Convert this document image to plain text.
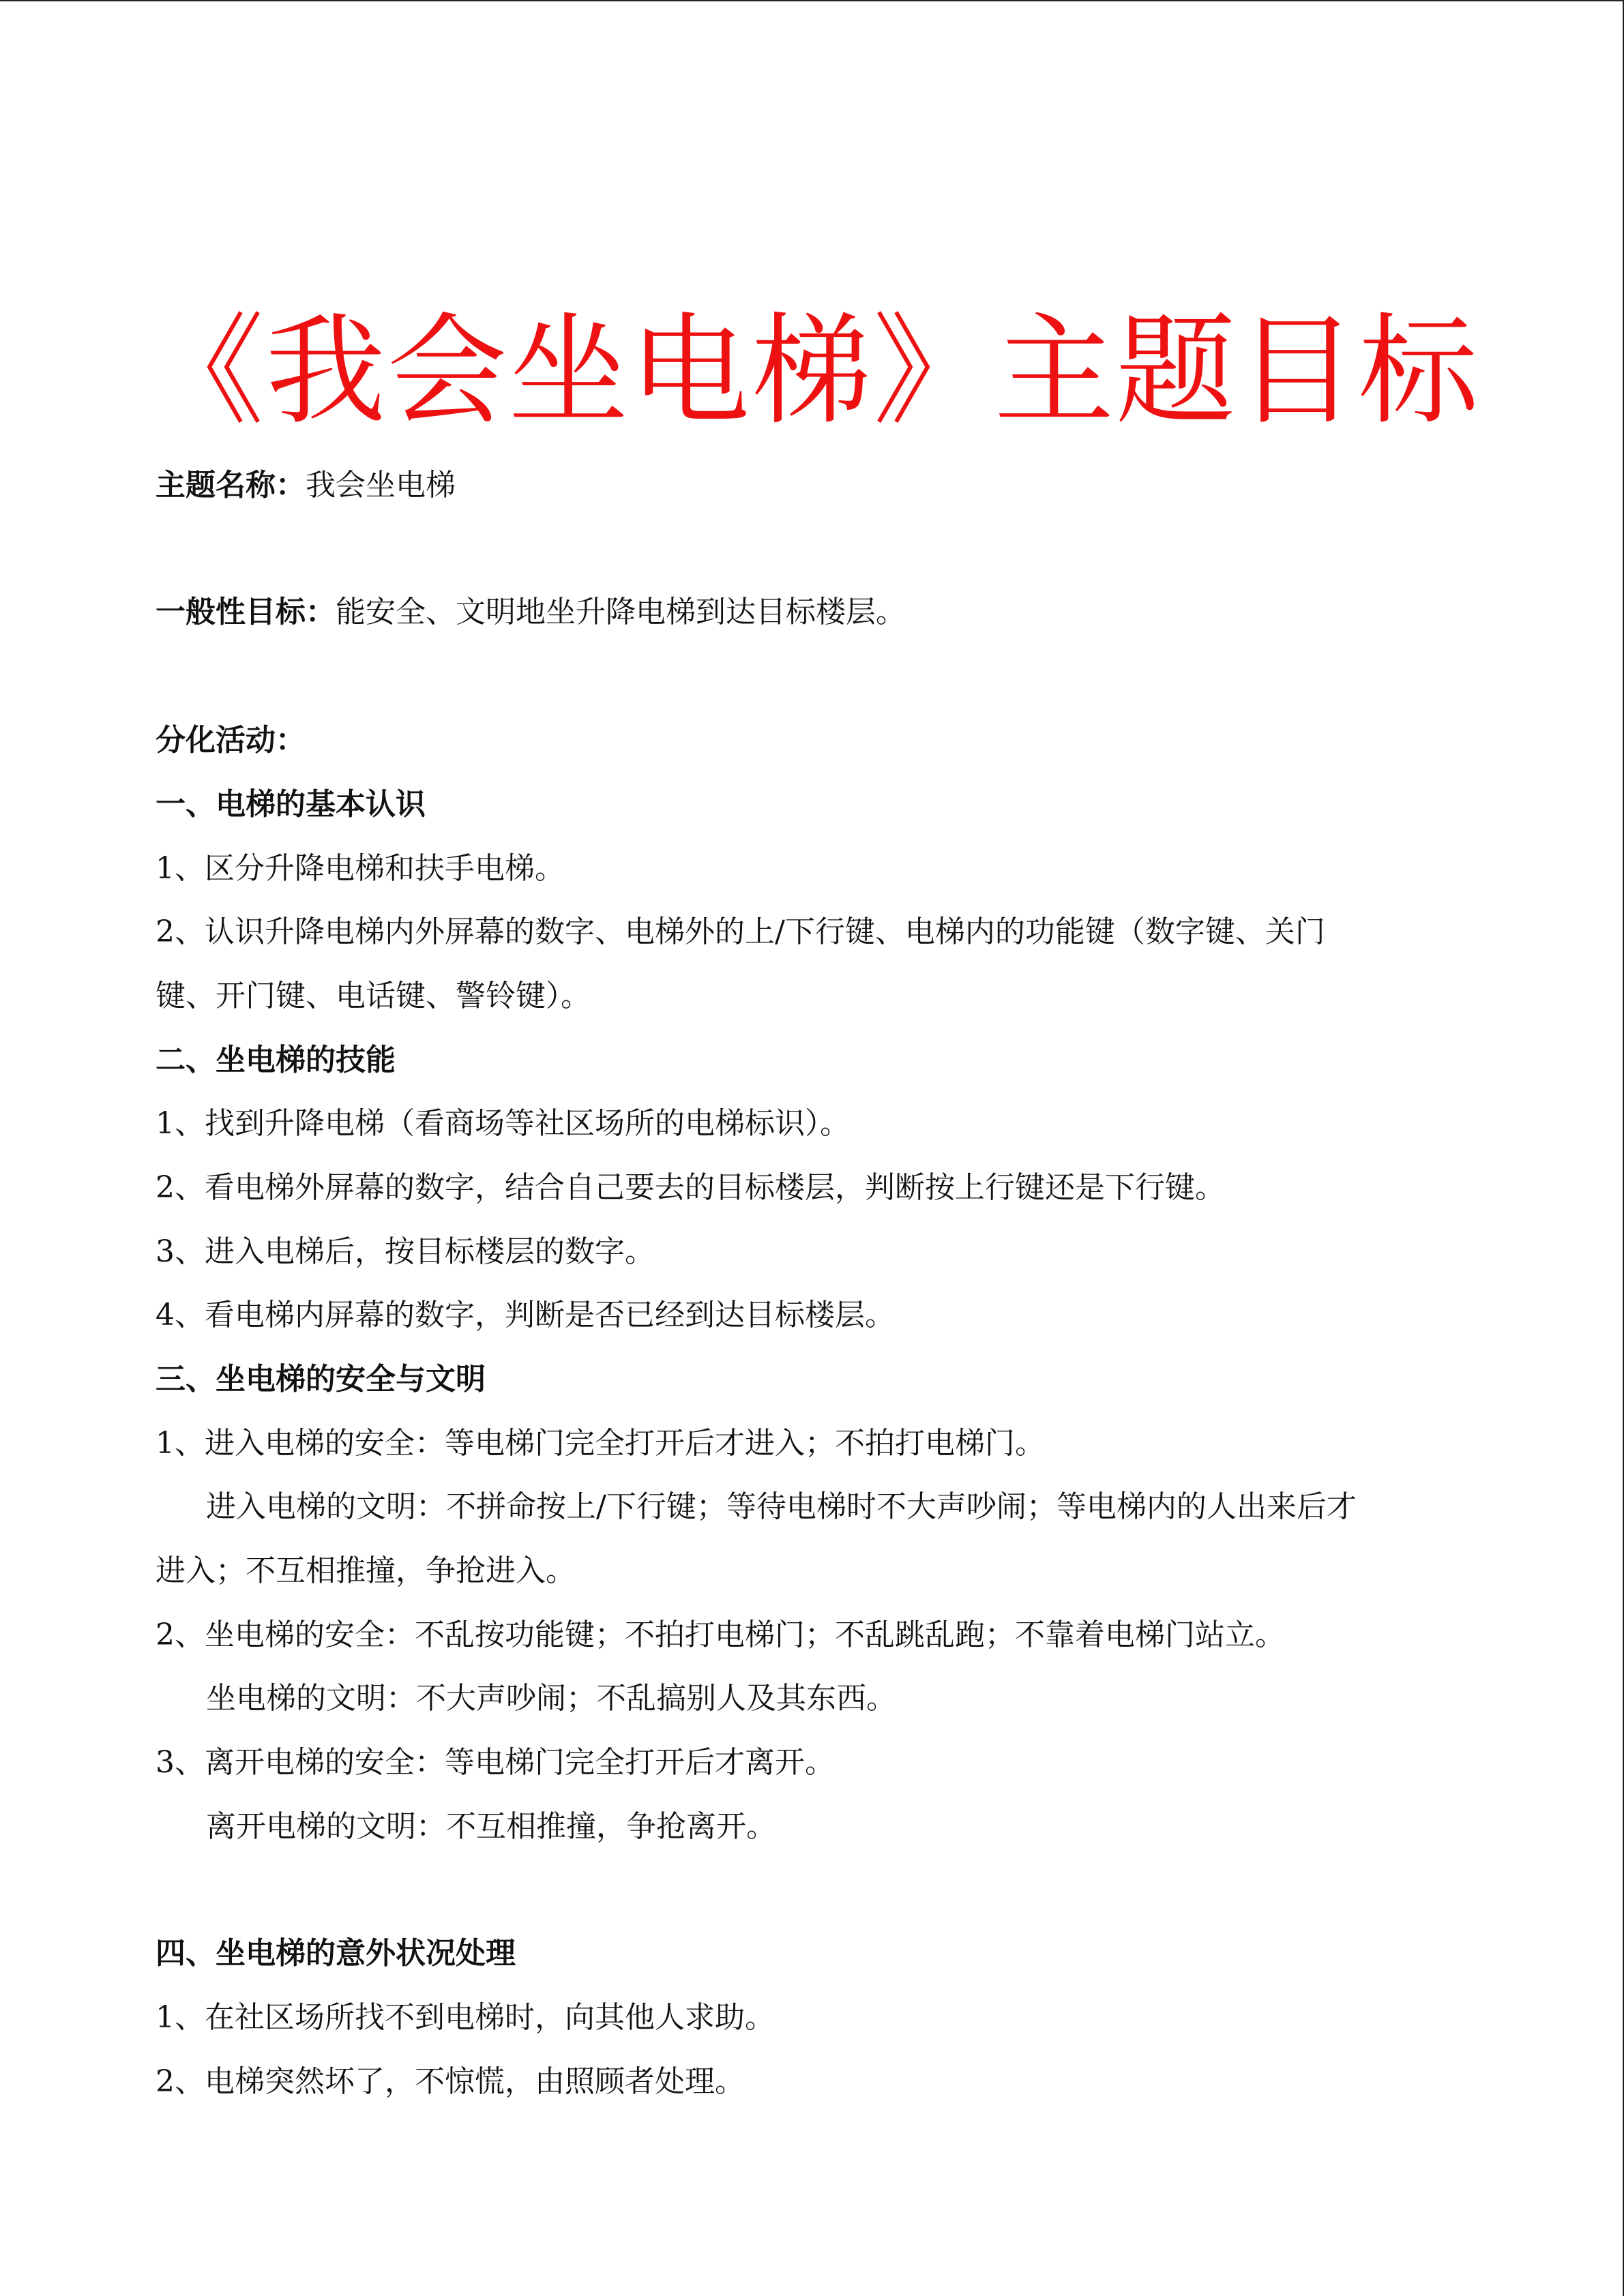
《我会坐电梯》主题目标
主题名称：我会坐电梯
一般性目标：能安全、文明地坐升降电梯到达目标楼层。
分化活动：
一、电梯的基本认识
1、区分升降电梯和扶手电梯。
2、认识升降电梯内外屏幕的数字、电梯外的上/下行键、电梯内的功能键（数字键、关门
键、开门键、电话键、警铃键）。
二、坐电梯的技能
1、找到升降电梯（看商场等社区场所的电梯标识）。
2、看电梯外屏幕的数字，结合自己要去的目标楼层，判断按上行键还是下行键。
3、进入电梯后，按目标楼层的数字。
4、看电梯内屏幕的数字，判断是否已经到达目标楼层。
三、坐电梯的安全与文明
1、进入电梯的安全：等电梯门完全打开后才进入；不拍打电梯门。
进入电梯的文明：不拼命按上/下行键；等待电梯时不大声吵闹；等电梯内的人出来后才
进入；不互相推撞，争抢进入。
2、坐电梯的安全：不乱按功能键；不拍打电梯门；不乱跳乱跑；不靠着电梯门站立。
坐电梯的文明：不大声吵闹；不乱搞别人及其东西。
3、离开电梯的安全：等电梯门完全打开后才离开。
离开电梯的文明：不互相推撞，争抢离开。
四、坐电梯的意外状况处理
1、在社区场所找不到电梯时，向其他人求助。
2、电梯突然坏了，不惊慌，由照顾者处理。
